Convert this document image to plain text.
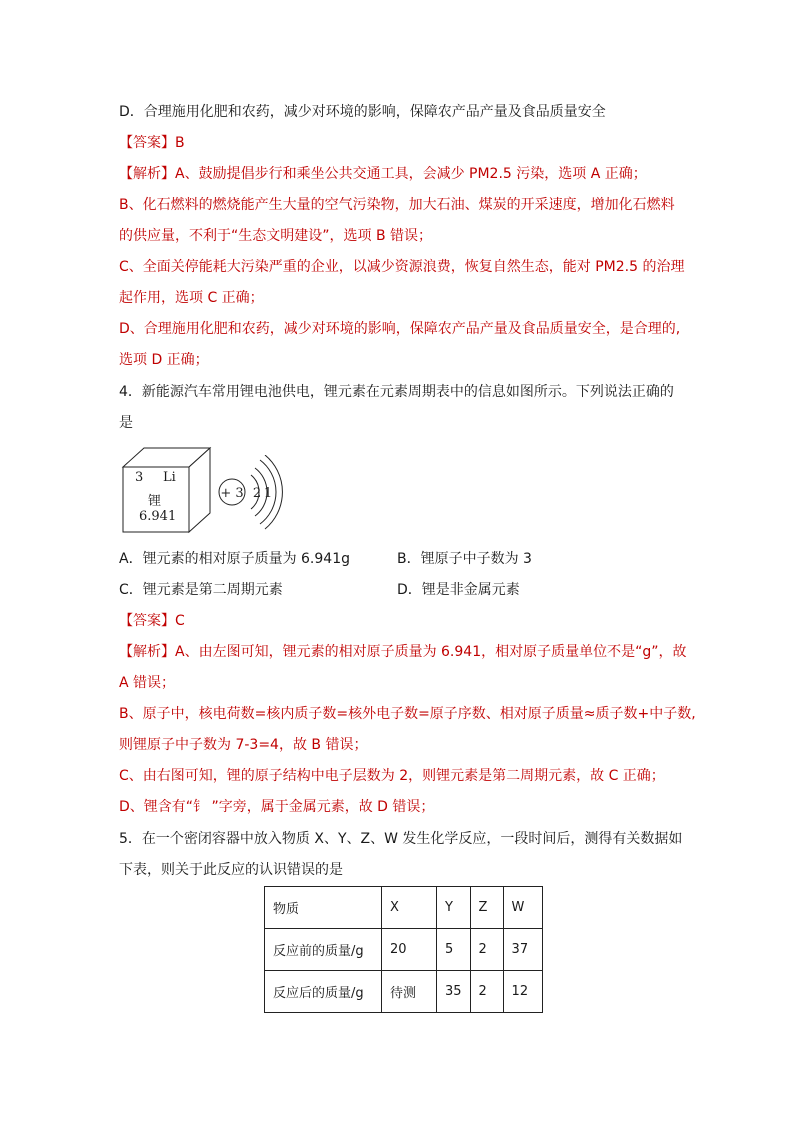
D．合理施用化肥和农药，减少对环境的影响，保障农产品产量及食品质量安全
【答案】B
【解析】A、鼓励提倡步行和乘坐公共交通工具，会减少 PM2.5 污染，选项 A 正确；
B、化石燃料的燃烧能产生大量的空气污染物，加大石油、煤炭的开采速度，增加化石燃料
的供应量，不利于“生态文明建设”，选项 B 错误；
C、全面关停能耗大污染严重的企业，以减少资源浪费，恢复自然生态，能对 PM2.5 的治理
起作用，选项 C 正确；
D、合理施用化肥和农药，减少对环境的影响，保障农产品产量及食品质量安全，是合理的,
选项 D 正确；
4．新能源汽车常用锂电池供电，锂元素在元素周期表中的信息如图所示。下列说法正确的
是
3 Li
锂
6.941
+ 3 2 1
A．锂元素的相对原子质量为 6.941g	B．锂原子中子数为 3
C．锂元素是第二周期元素	D．锂是非金属元素
【答案】C
【解析】A、由左图可知，锂元素的相对原子质量为 6.941，相对原子质量单位不是“g”，故
A 错误；
B、原子中，核电荷数=核内质子数=核外电子数=原子序数、相对原子质量≈质子数+中子数,
则锂原子中子数为 7-3=4，故 B 错误；
C、由右图可知，锂的原子结构中电子层数为 2，则锂元素是第二周期元素，故 C 正确；
D、锂含有“钅 ”字旁，属于金属元素，故 D 错误；
5．在一个密闭容器中放入物质 X、Y、Z、W 发生化学反应，一段时间后，测得有关数据如
下表，则关于此反应的认识错误的是
物质	X	Y	Z	W
反应前的质量/g	20	5	2	37
反应后的质量/g	待测	35	2	12
